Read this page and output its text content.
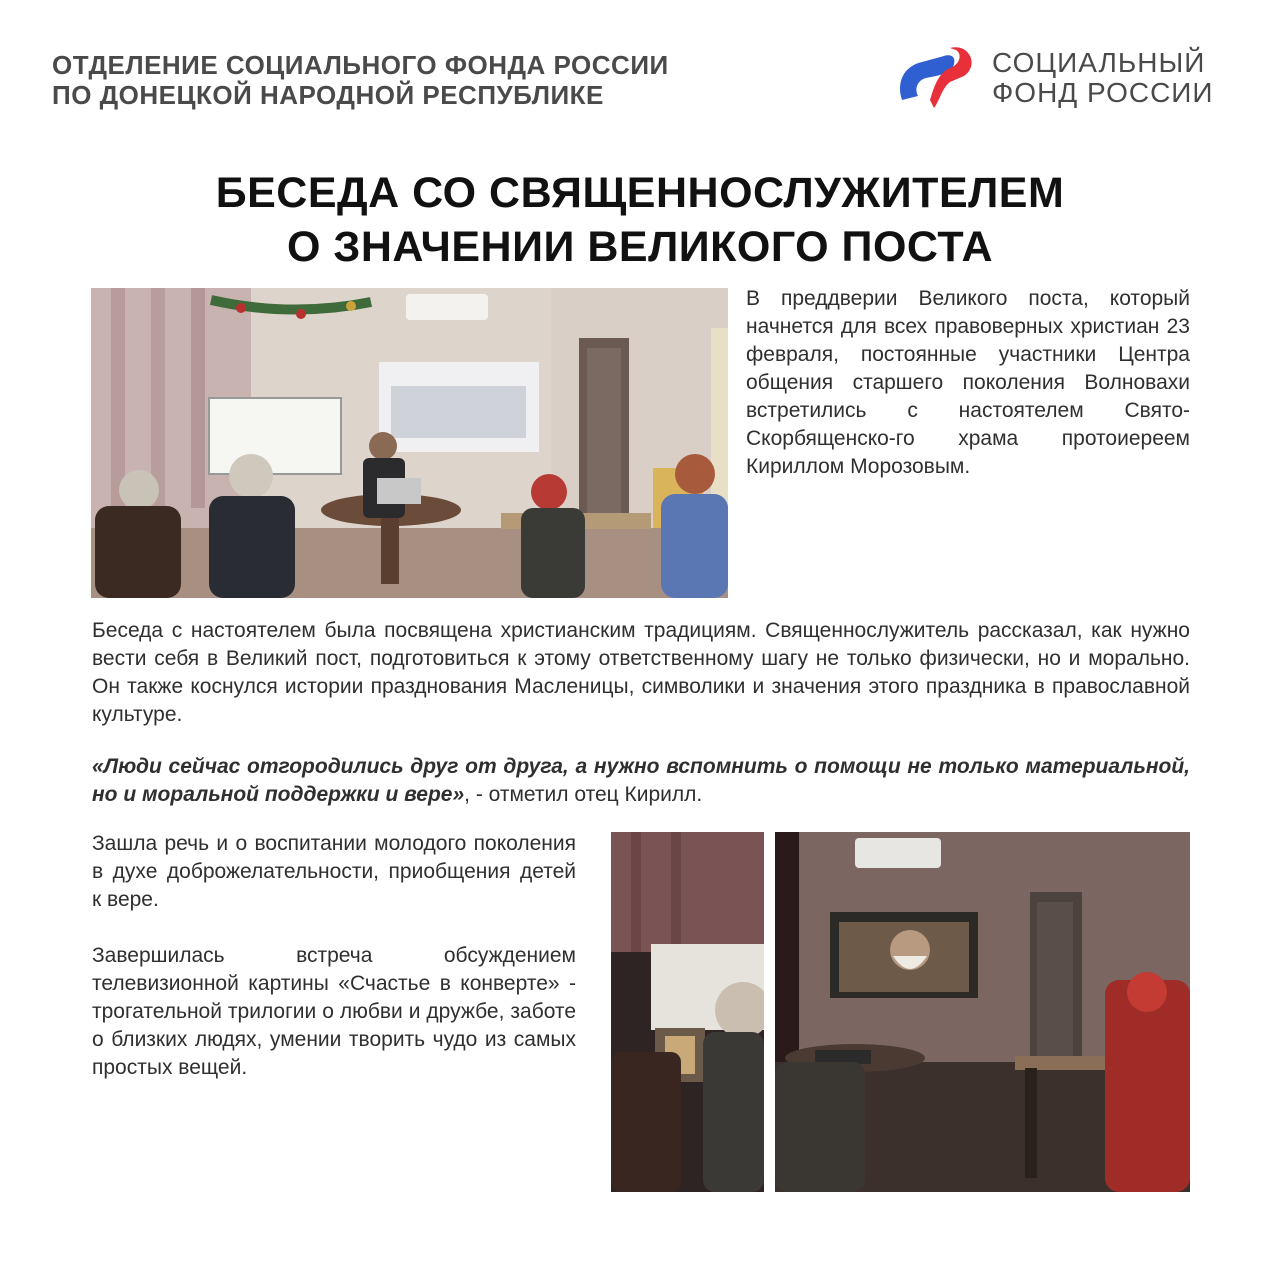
ОТДЕЛЕНИЕ СОЦИАЛЬНОГО ФОНДА РОССИИ
ПО ДОНЕЦКОЙ НАРОДНОЙ РЕСПУБЛИКЕ
СОЦИАЛЬНЫЙ
ФОНД РОССИИ
БЕСЕДА СО СВЯЩЕННОСЛУЖИТЕЛЕМ
О ЗНАЧЕНИИ ВЕЛИКОГО ПОСТА
В преддверии Великого поста, который начнется для всех правоверных христиан 23 февраля, постоянные участники Центра общения старшего поколения Волновахи встретились с настоятелем Свято-Скорбященско-го храма протоиереем Кириллом Морозовым.
Беседа с настоятелем была посвящена христианским традициям. Священнослужитель рассказал, как нужно вести себя в Великий пост, подготовиться к этому ответственному шагу не только физически, но и морально. Он также коснулся истории празднования Масленицы, символики и значения этого праздника в православной культуре.
«Люди сейчас отгородились друг от друга, а нужно вспомнить о помощи не только материальной, но и моральной поддержки и вере», - отметил отец Кирилл.
Зашла речь и о воспитании молодого поколения в духе доброжелательности, приобщения детей к вере.
Завершилась встреча обсуждением телевизионной картины «Счастье в конверте» - трогательной трилогии о любви и дружбе, заботе о близких людях, умении творить чудо из самых простых вещей.
